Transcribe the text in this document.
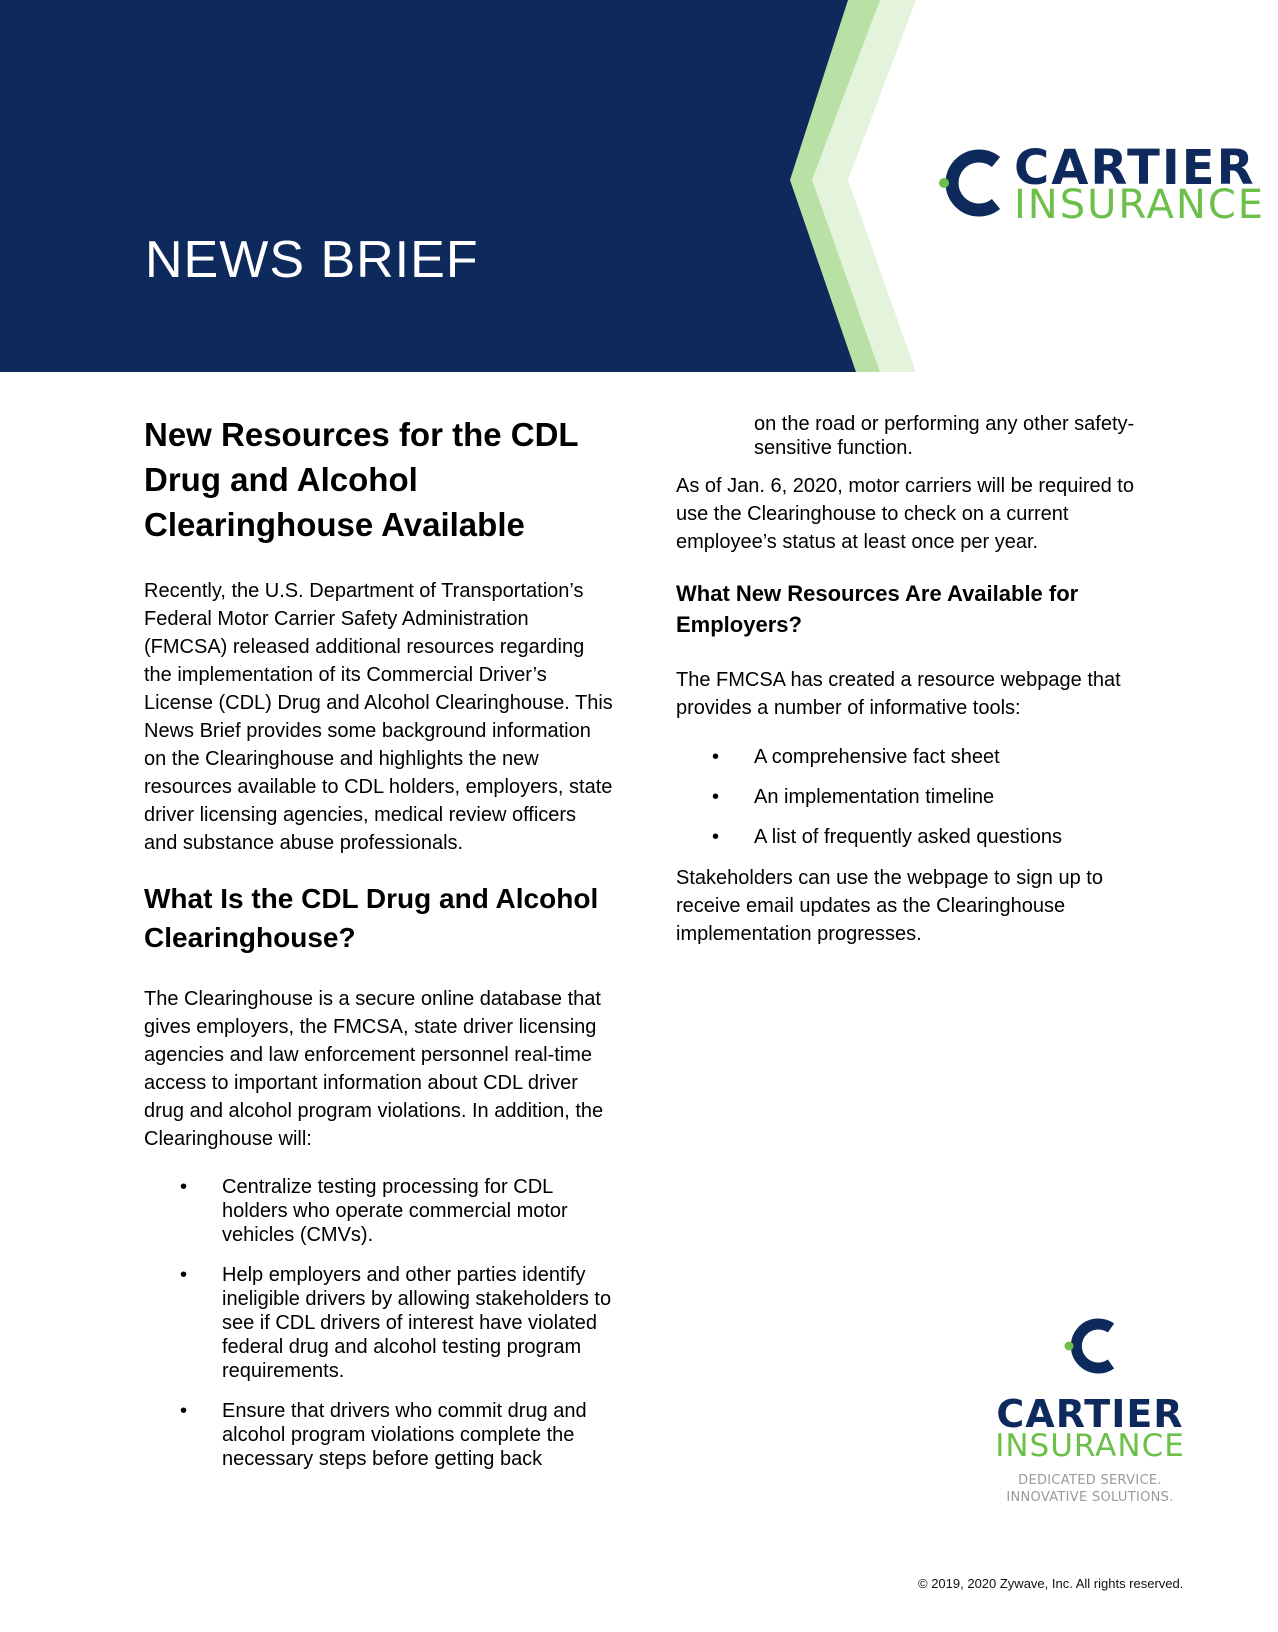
NEWS BRIEF
CARTIER
INSURANCE
New Resources for the CDL Drug and Alcohol Clearinghouse Available

Recently, the U.S. Department of Transportation’s Federal Motor Carrier Safety Administration (FMCSA) released additional resources regarding the implementation of its Commercial Driver’s License (CDL) Drug and Alcohol Clearinghouse. This News Brief provides some background information on the Clearinghouse and highlights the new resources available to CDL holders, employers, state driver licensing agencies, medical review officers and substance abuse professionals.

What Is the CDL Drug and Alcohol Clearinghouse?

The Clearinghouse is a secure online database that gives employers, the FMCSA, state driver licensing agencies and law enforcement personnel real-time access to important information about CDL driver drug and alcohol program violations. In addition, the Clearinghouse will:

• Centralize testing processing for CDL holders who operate commercial motor vehicles (CMVs).
• Help employers and other parties identify ineligible drivers by allowing stakeholders to see if CDL drivers of interest have violated federal drug and alcohol testing program requirements.
• Ensure that drivers who commit drug and alcohol program violations complete the necessary steps before getting back

on the road or performing any other safety-sensitive function.

As of Jan. 6, 2020, motor carriers will be required to use the Clearinghouse to check on a current employee’s status at least once per year.

What New Resources Are Available for Employers?

The FMCSA has created a resource webpage that provides a number of informative tools:

• A comprehensive fact sheet
• An implementation timeline
• A list of frequently asked questions

Stakeholders can use the webpage to sign up to receive email updates as the Clearinghouse implementation progresses.

CARTIER
INSURANCE
DEDICATED SERVICE.
INNOVATIVE SOLUTIONS.
© 2019, 2020 Zywave, Inc. All rights reserved.
